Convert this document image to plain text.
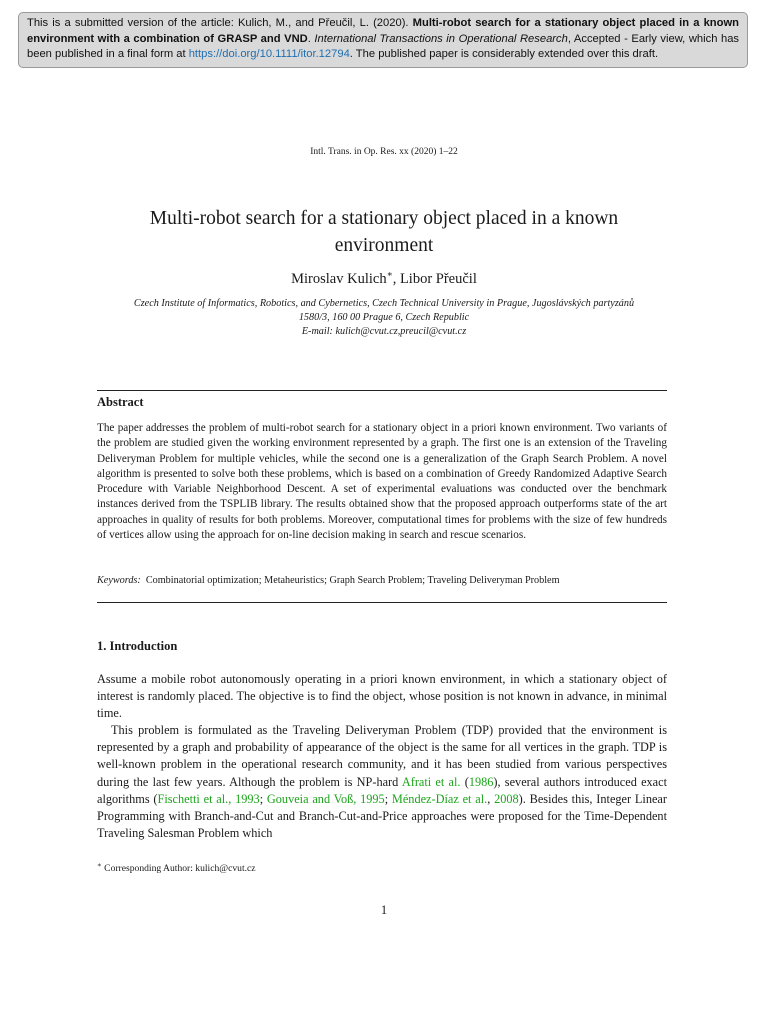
This is a submitted version of the article: Kulich, M., and Přeučil, L. (2020). Multi-robot search for a stationary object placed in a known environment with a combination of GRASP and VND. International Transactions in Operational Research, Accepted - Early view, which has been published in a final form at https://doi.org/10.1111/itor.12794. The published paper is considerably extended over this draft.
Intl. Trans. in Op. Res. xx (2020) 1–22
Multi-robot search for a stationary object placed in a known environment
Miroslav Kulich∗, Libor Přeučil
Czech Institute of Informatics, Robotics, and Cybernetics, Czech Technical University in Prague, Jugoslávských partyzánů
1580/3, 160 00 Prague 6, Czech Republic
E-mail: kulich@cvut.cz,preucil@cvut.cz
Abstract
The paper addresses the problem of multi-robot search for a stationary object in a priori known environment. Two variants of the problem are studied given the working environment represented by a graph. The first one is an extension of the Traveling Deliveryman Problem for multiple vehicles, while the second one is a generalization of the Graph Search Problem. A novel algorithm is presented to solve both these problems, which is based on a combination of Greedy Randomized Adaptive Search Procedure with Variable Neighborhood Descent. A set of experimental evaluations was conducted over the benchmark instances derived from the TSPLIB library. The results obtained show that the proposed approach outperforms state of the art approaches in quality of results for both problems. Moreover, computational times for problems with the size of few hundreds of vertices allow using the approach for on-line decision making in search and rescue scenarios.
Keywords: Combinatorial optimization; Metaheuristics; Graph Search Problem; Traveling Deliveryman Problem
1. Introduction

Assume a mobile robot autonomously operating in a priori known environment, in which a stationary object of interest is randomly placed. The objective is to find the object, whose position is not known in advance, in minimal time.

This problem is formulated as the Traveling Deliveryman Problem (TDP) provided that the environment is represented by a graph and probability of appearance of the object is the same for all vertices in the graph. TDP is well-known problem in the operational research community, and it has been studied from various perspectives during the last few years. Although the problem is NP-hard Afrati et al. (1986), several authors introduced exact algorithms (Fischetti et al., 1993; Gouveia and Voß, 1995; Méndez-Díaz et al., 2008). Besides this, Integer Linear Programming with Branch-and-Cut and Branch-Cut-and-Price approaches were proposed for the Time-Dependent Traveling Salesman Problem which

∗ Corresponding Author: kulich@cvut.cz
1
